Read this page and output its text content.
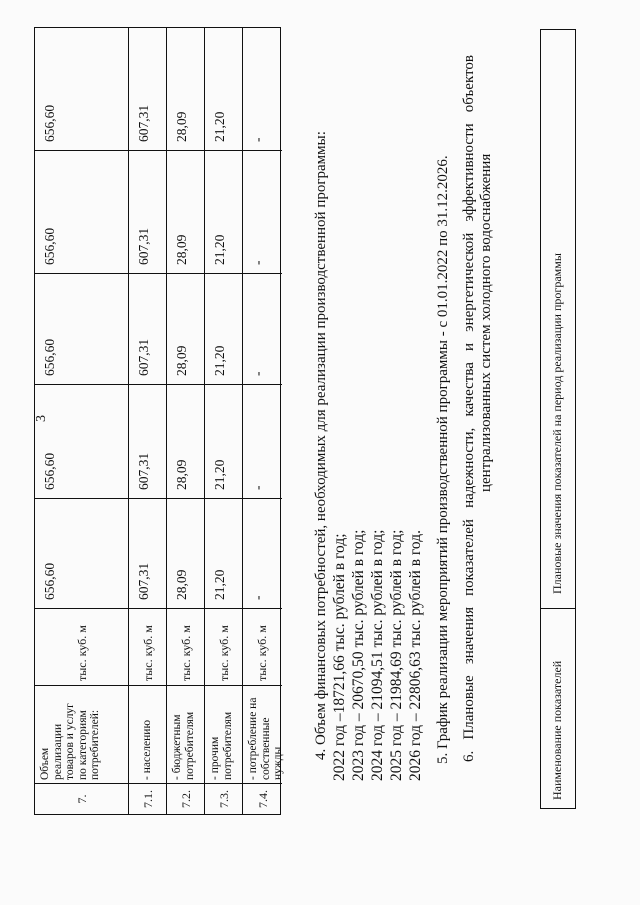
3
7.
Объем реализации товаров и услуг по категориям потребителей:
тыс. куб. м
656,60
656,60
656,60
656,60
656,60
7.1.
- населению
тыс. куб. м
607,31
607,31
607,31
607,31
607,31
7.2.
- бюджетным потребителям
тыс. куб. м
28,09
28,09
28,09
28,09
28,09
7.3.
- прочим потребителям
тыс. куб. м
21,20
21,20
21,20
21,20
21,20
7.4.
- потребление на собственные нужды
тыс. куб. м
-
-
-
-
-	4. Объем финансовых потребностей, необходимых для реализации производственной программы: 2022 год –18721,66 тыс. рублей в год; 2023 год – 20670,50 тыс. рублей в год; 2024 год – 21094,51 тыс. рублей в год; 2025 год – 21984,69 тыс. рублей в год; 2026 год – 22806,63 тыс. рублей в год. 5. График реализации мероприятий производственной программы - с 01.01.2022 по 31.12.2026. 6. Плановые значения показателей надежности, качества и энергетической эффективности объектов централизованных систем холодного водоснабжения
Наименование показателей
Плановые значения показателей на период реализации программы
